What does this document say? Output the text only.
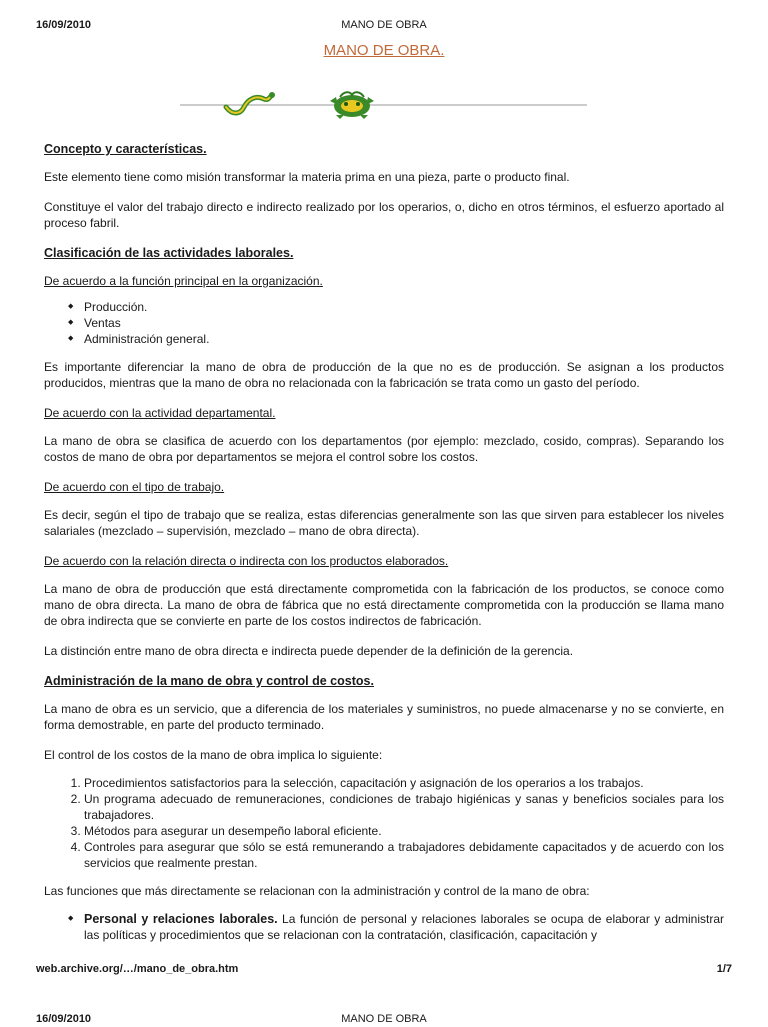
16/09/2010	MANO DE OBRA
MANO DE OBRA.
Concepto y características.

Este elemento tiene como misión transformar la materia prima en una pieza, parte o producto final.

Constituye el valor del trabajo directo e indirecto realizado por los operarios, o, dicho en otros términos, el esfuerzo aportado al proceso fabril.

Clasificación de las actividades laborales.
De acuerdo a la función principal en la organización.
◆ Producción.
◆ Ventas
◆ Administración general.

Es importante diferenciar la mano de obra de producción de la que no es de producción. Se asignan a los productos producidos, mientras que la mano de obra no relacionada con la fabricación se trata como un gasto del período.

De acuerdo con la actividad departamental.

La mano de obra se clasifica de acuerdo con los departamentos (por ejemplo: mezclado, cosido, compras). Separando los costos de mano de obra por departamentos se mejora el control sobre los costos.

De acuerdo con el tipo de trabajo.

Es decir, según el tipo de trabajo que se realiza, estas diferencias generalmente son las que sirven para establecer los niveles salariales (mezclado – supervisión, mezclado – mano de obra directa).

De acuerdo con la relación directa o indirecta con los productos elaborados.

La mano de obra de producción que está directamente comprometida con la fabricación de los productos, se conoce como mano de obra directa. La mano de obra de fábrica que no está directamente comprometida con la producción se llama mano de obra indirecta que se convierte en parte de los costos indirectos de fabricación.

La distinción entre mano de obra directa e indirecta puede depender de la definición de la gerencia.

Administración de la mano de obra y control de costos.

La mano de obra es un servicio, que a diferencia de los materiales y suministros, no puede almacenarse y no se convierte, en forma demostrable, en parte del producto terminado.

El control de los costos de la mano de obra implica lo siguiente:

1. Procedimientos satisfactorios para la selección, capacitación y asignación de los operarios a los trabajos.
2. Un programa adecuado de remuneraciones, condiciones de trabajo higiénicas y sanas y beneficios sociales para los trabajadores.
3. Métodos para asegurar un desempeño laboral eficiente.
4. Controles para asegurar que sólo se está remunerando a trabajadores debidamente capacitados y de acuerdo con los servicios que realmente prestan.

Las funciones que más directamente se relacionan con la administración y control de la mano de obra:

◆ Personal y relaciones laborales. La función de personal y relaciones laborales se ocupa de elaborar y administrar las políticas y procedimientos que se relacionan con la contratación, clasificación, capacitación y
web.archive.org/…/mano_de_obra.htm	1/7
16/09/2010	MANO DE OBRA
